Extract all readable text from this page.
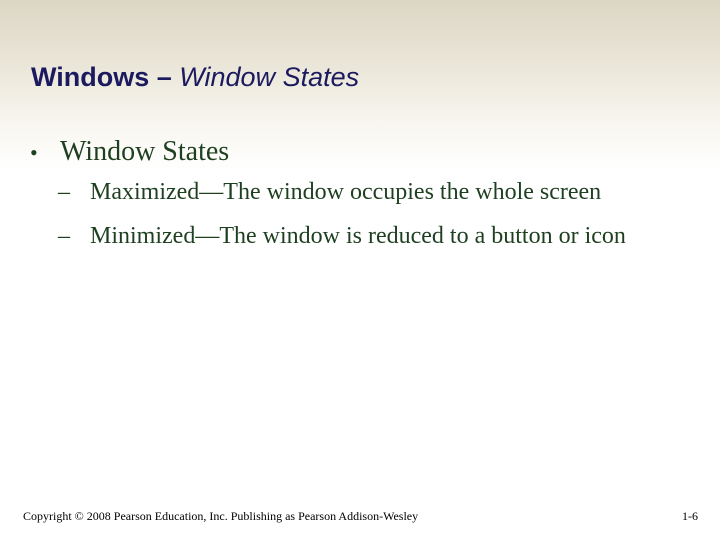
Windows – Window States
• Window States
– Maximized—The window occupies the whole screen
– Minimized—The window is reduced to a button or icon
Copyright © 2008 Pearson Education, Inc. Publishing as Pearson Addison-Wesley	1-6
